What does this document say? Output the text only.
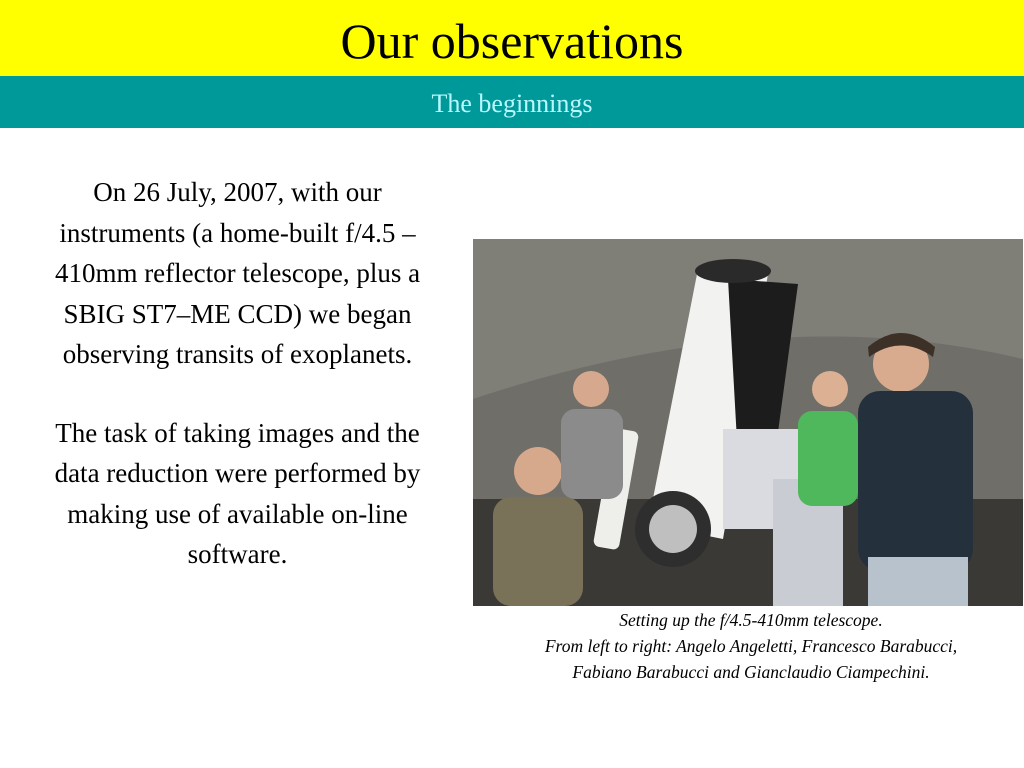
Our observations
The beginnings

On 26 July, 2007, with our instruments (a home-built f/4.5 – 410mm reflector telescope, plus a SBIG ST7–ME CCD) we began observing transits of exoplanets.

The task of taking images and the data reduction were performed by making use of available on-line software.

Setting up the f/4.5-410mm telescope.
From left to right: Angelo Angeletti, Francesco Barabucci, Fabiano Barabucci and Gianclaudio Ciampechini.
